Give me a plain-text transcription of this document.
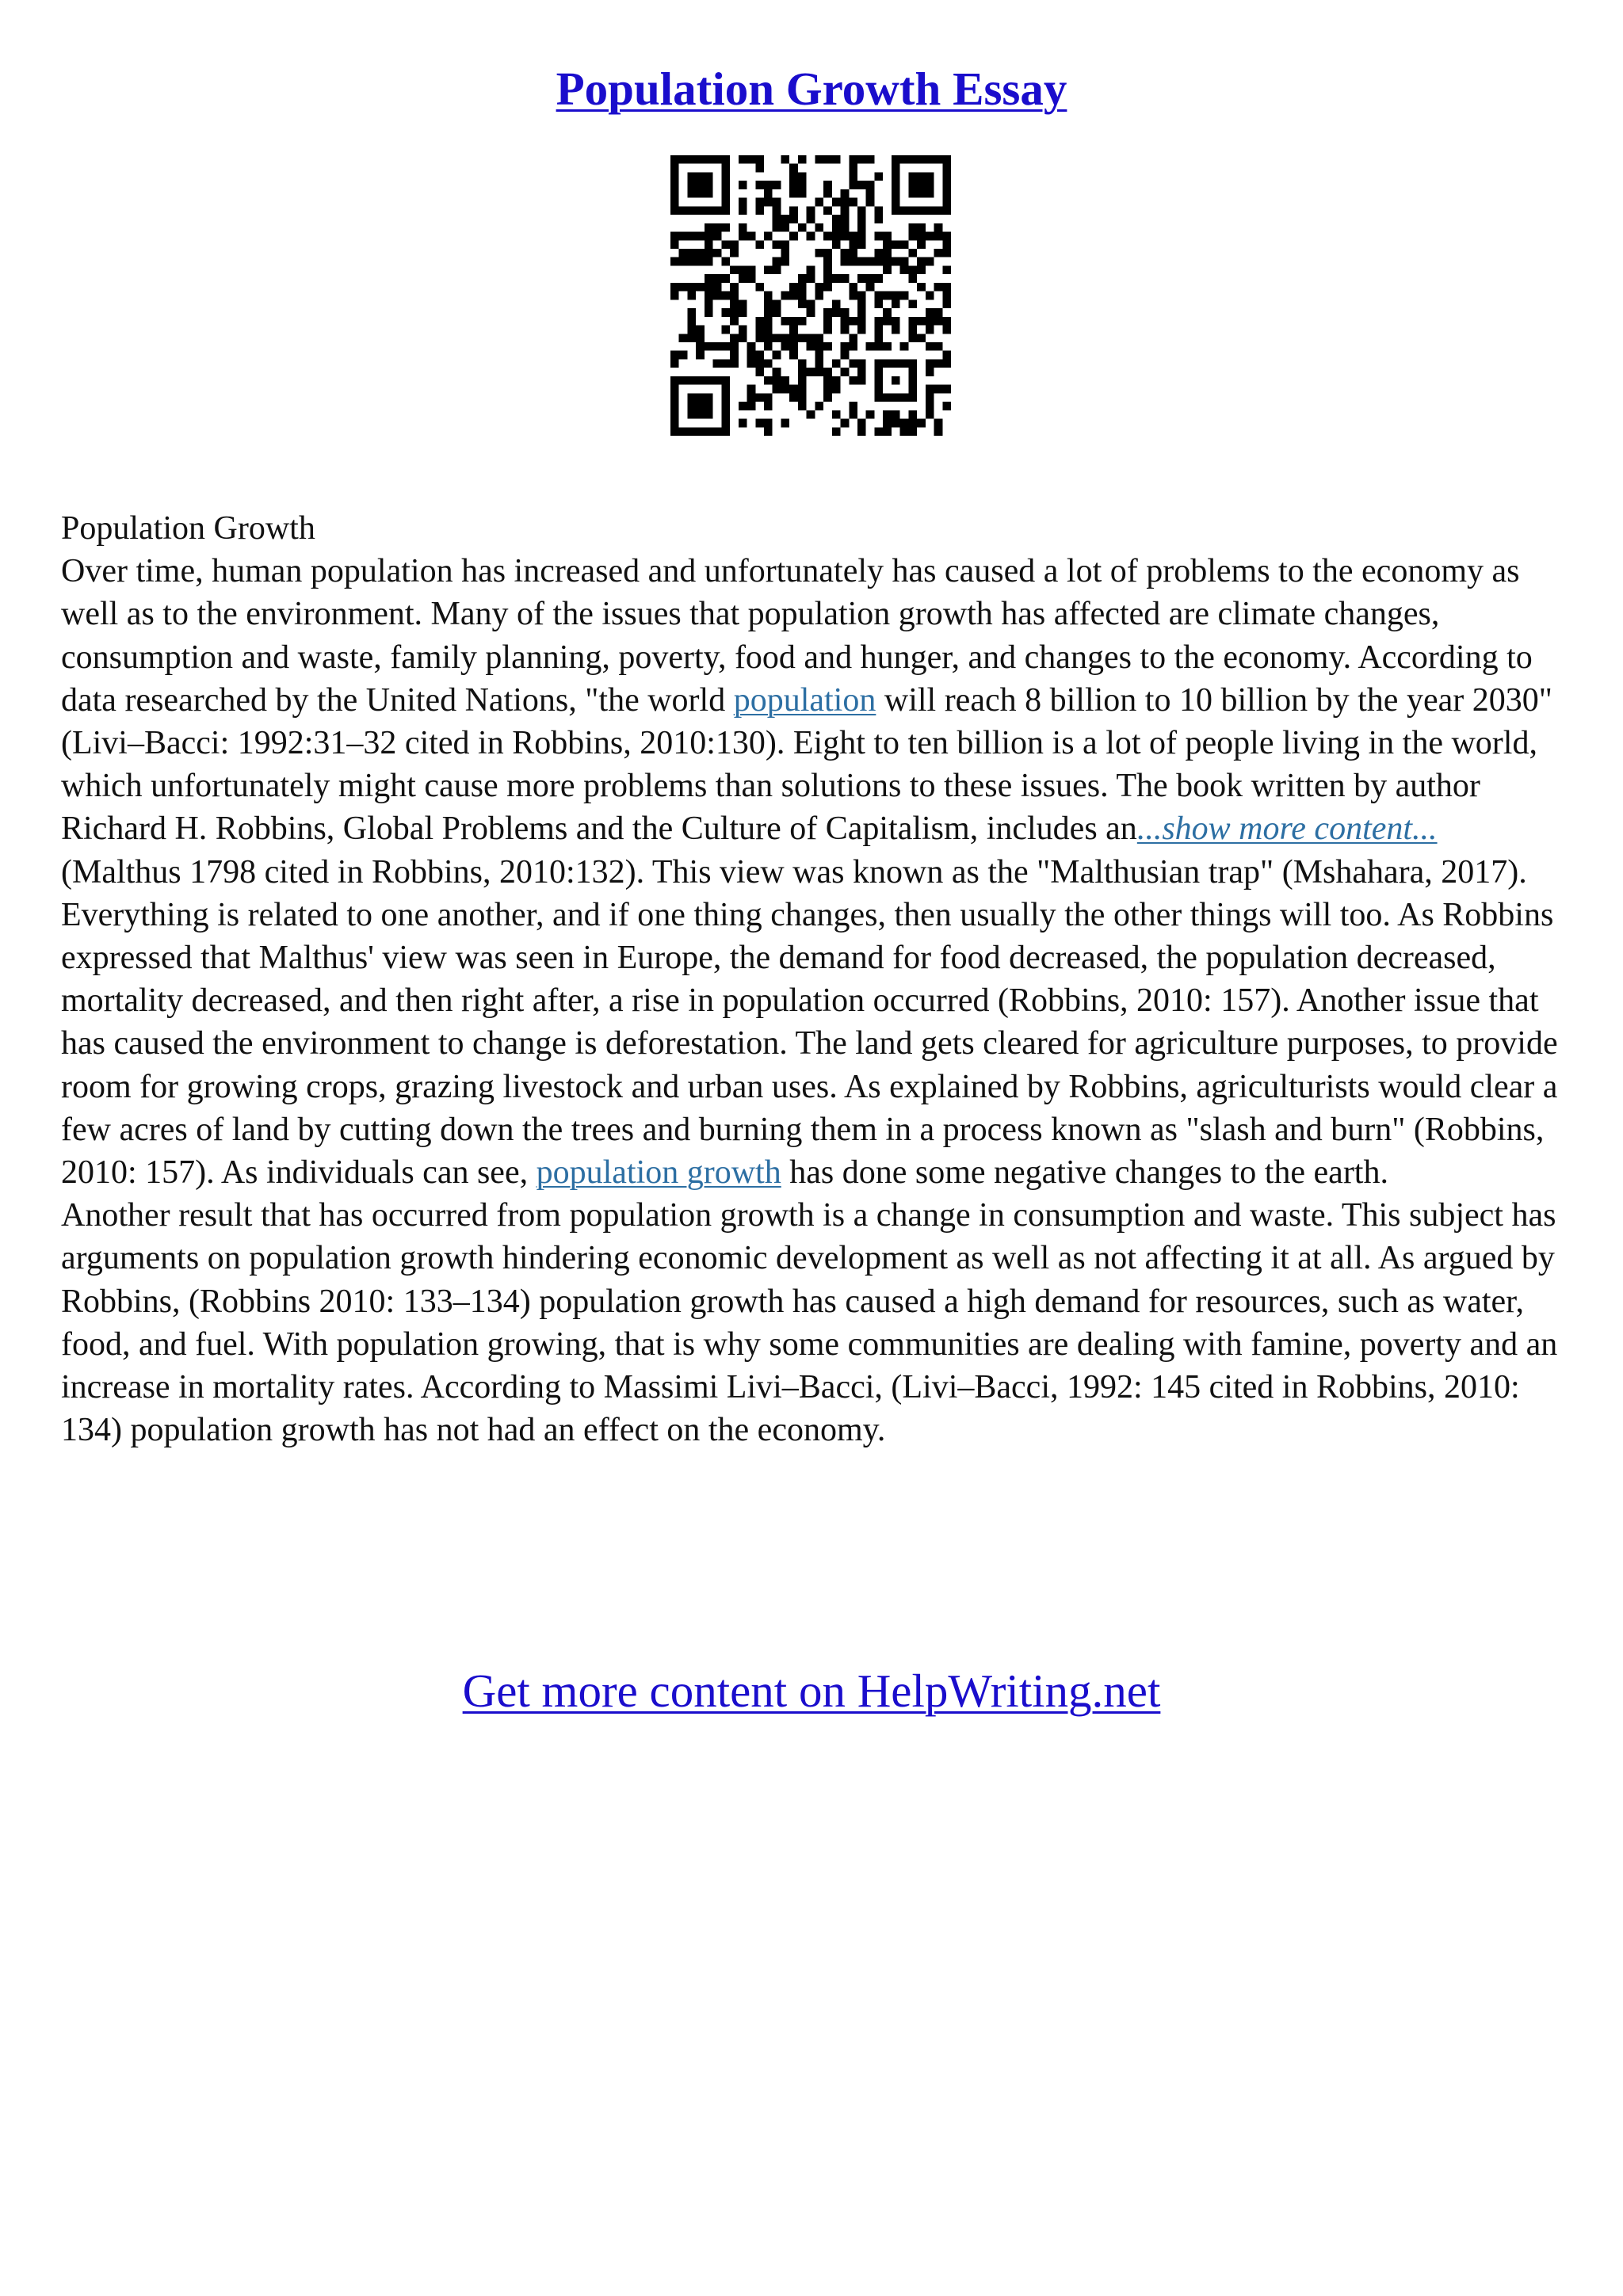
Population Growth Essay

Population Growth

Over time, human population has increased and unfortunately has caused a lot of problems to the economy as well as to the environment. Many of the issues that population growth has affected are climate changes, consumption and waste, family planning, poverty, food and hunger, and changes to the economy. According to data researched by the United Nations, "the world population will reach 8 billion to 10 billion by the year 2030" (Livi–Bacci: 1992:31–32 cited in Robbins, 2010:130). Eight to ten billion is a lot of people living in the world, which unfortunately might cause more problems than solutions to these issues. The book written by author Richard H. Robbins, Global Problems and the Culture of Capitalism, includes an...show more content...

(Malthus 1798 cited in Robbins, 2010:132). This view was known as the "Malthusian trap" (Mshahara, 2017). Everything is related to one another, and if one thing changes, then usually the other things will too. As Robbins expressed that Malthus' view was seen in Europe, the demand for food decreased, the population decreased, mortality decreased, and then right after, a rise in population occurred (Robbins, 2010: 157). Another issue that has caused the environment to change is deforestation. The land gets cleared for agriculture purposes, to provide room for growing crops, grazing livestock and urban uses. As explained by Robbins, agriculturists would clear a few acres of land by cutting down the trees and burning them in a process known as "slash and burn" (Robbins, 2010: 157). As individuals can see, population growth has done some negative changes to the earth.

Another result that has occurred from population growth is a change in consumption and waste. This subject has arguments on population growth hindering economic development as well as not affecting it at all. As argued by Robbins, (Robbins 2010: 133–134) population growth has caused a high demand for resources, such as water, food, and fuel. With population growing, that is why some communities are dealing with famine, poverty and an increase in mortality rates. According to Massimi Livi–Bacci, (Livi–Bacci, 1992: 145 cited in Robbins, 2010: 134) population growth has not had an effect on the economy.

Get more content on HelpWriting.net
